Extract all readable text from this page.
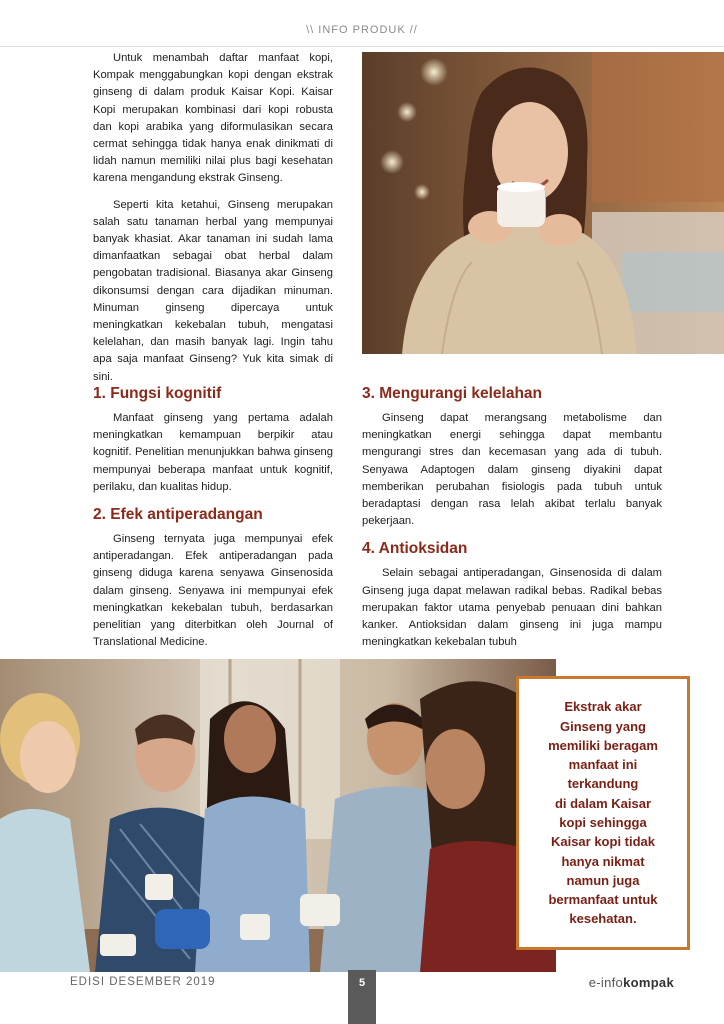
\\ INFO PRODUK //

Untuk menambah daftar manfaat kopi, Kompak menggabungkan kopi dengan ekstrak ginseng di dalam produk Kaisar Kopi. Kaisar Kopi merupakan kombinasi dari kopi robusta dan kopi arabika yang diformulasikan secara cermat sehingga tidak hanya enak dinikmati di lidah namun memiliki nilai plus bagi kesehatan karena mengandung ekstrak Ginseng.

Seperti kita ketahui, Ginseng merupakan salah satu tanaman herbal yang mempunyai banyak khasiat. Akar tanaman ini sudah lama dimanfaatkan sebagai obat herbal dalam pengobatan tradisional. Biasanya akar Ginseng dikonsumsi dengan cara dijadikan minuman. Minuman ginseng dipercaya untuk meningkatkan kekebalan tubuh, mengatasi kelelahan, dan masih banyak lagi. Ingin tahu apa saja manfaat Ginseng? Yuk kita simak di sini.

1. Fungsi kognitif

Manfaat ginseng yang pertama adalah meningkatkan kemampuan berpikir atau kognitif. Penelitian menunjukkan bahwa ginseng mempunyai beberapa manfaat untuk kognitif, perilaku, dan kualitas hidup.

2. Efek antiperadangan

Ginseng ternyata juga mempunyai efek antiperadangan. Efek antiperadangan pada ginseng diduga karena senyawa Ginsenosida dalam ginseng. Senyawa ini mempunyai efek meningkatkan kekebalan tubuh, berdasarkan penelitian yang diterbitkan oleh Journal of Translational Medicine.

3. Mengurangi kelelahan

Ginseng dapat merangsang metabolisme dan meningkatkan energi sehingga dapat membantu mengurangi stres dan kecemasan yang ada di tubuh. Senyawa Adaptogen dalam ginseng diyakini dapat memberikan perubahan fisiologis pada tubuh untuk beradaptasi dengan rasa lelah akibat terlalu banyak pekerjaan.

4. Antioksidan

Selain sebagai antiperadangan, Ginsenosida di dalam Ginseng juga dapat melawan radikal bebas. Radikal bebas merupakan faktor utama penyebab penuaan dini bahkan kanker. Antioksidan dalam ginseng ini juga mampu meningkatkan kekebalan tubuh

Ekstrak akar
Ginseng yang
memiliki beragam
manfaat ini
terkandung
di dalam Kaisar
kopi sehingga
Kaisar kopi tidak
hanya nikmat
namun juga
bermanfaat untuk
kesehatan.
EDISI DESEMBER 2019	5	e-infokompak
